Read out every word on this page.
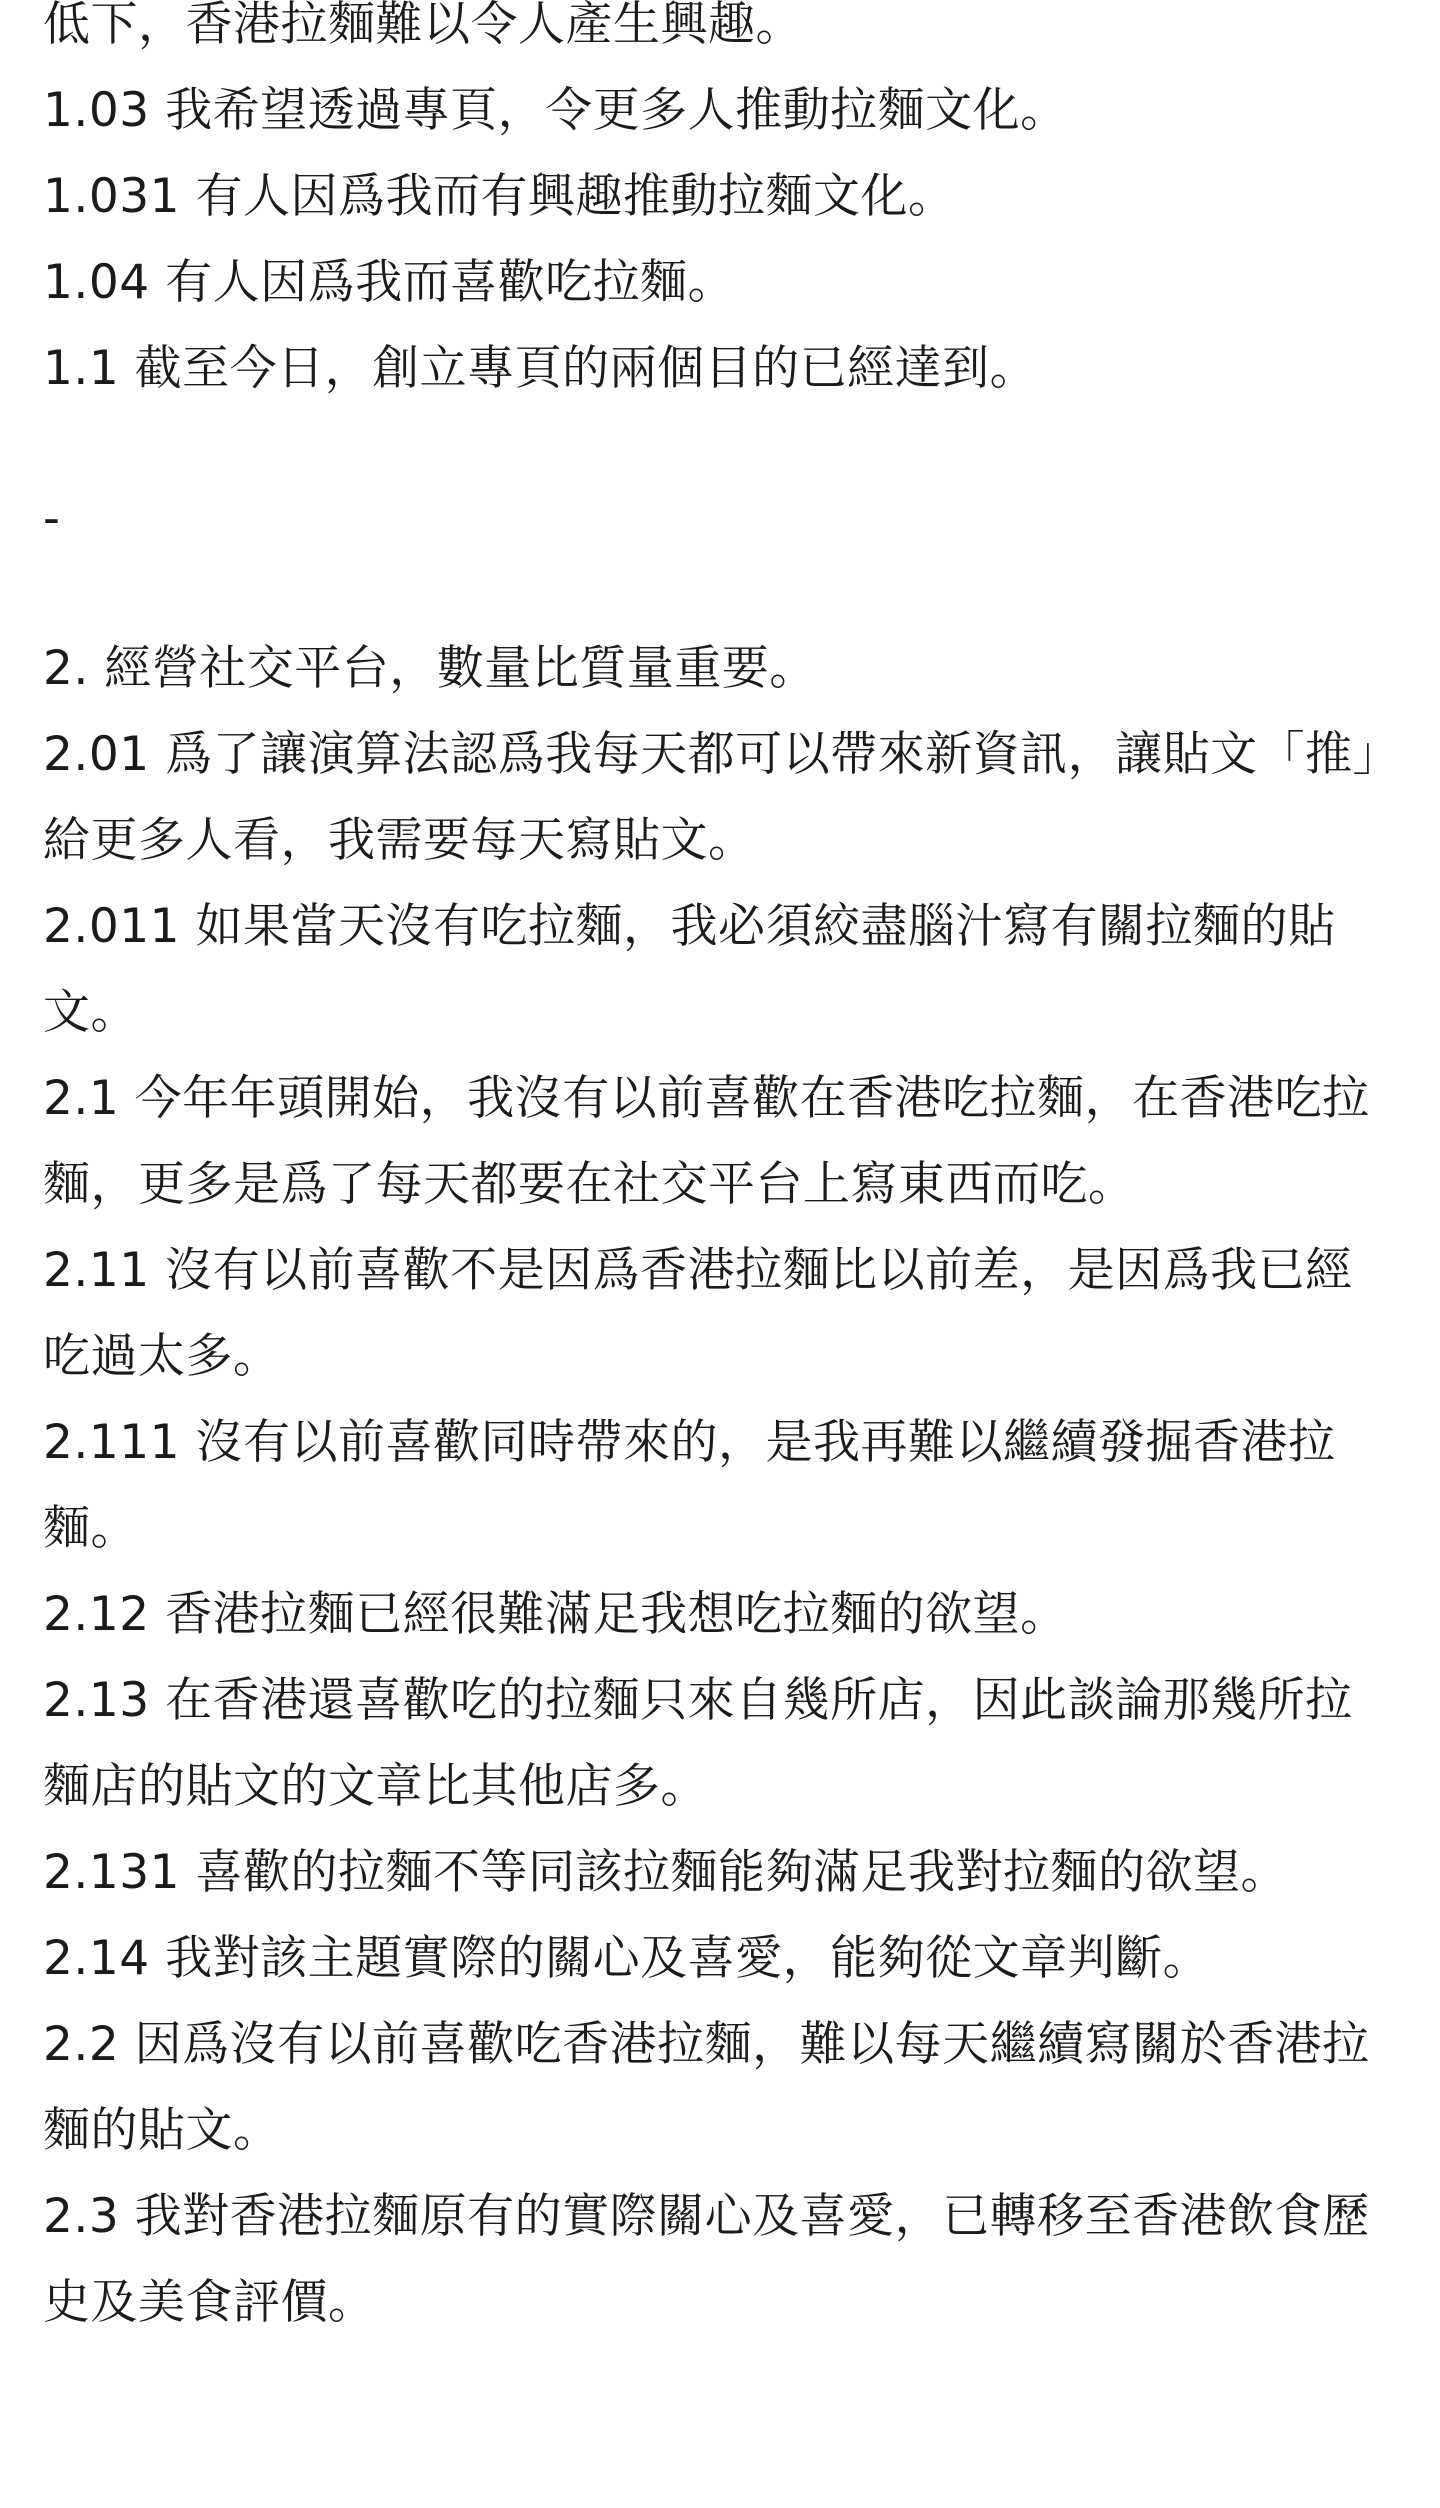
低下，香港拉麵難以令人產生興趣。

1.03 我希望透過專頁，令更多人推動拉麵文化。

1.031 有人因爲我而有興趣推動拉麵文化。

1.04 有人因爲我而喜歡吃拉麵。

1.1 截至今日，創立專頁的兩個目的已經達到。

-

2. 經營社交平台，數量比質量重要。

2.01 爲了讓演算法認爲我每天都可以帶來新資訊，讓貼文「推」給更多人看，我需要每天寫貼文。

2.011 如果當天沒有吃拉麵，我必須絞盡腦汁寫有關拉麵的貼文。

2.1 今年年頭開始，我沒有以前喜歡在香港吃拉麵，在香港吃拉麵，更多是爲了每天都要在社交平台上寫東西而吃。

2.11 沒有以前喜歡不是因爲香港拉麵比以前差，是因爲我已經吃過太多。

2.111 沒有以前喜歡同時帶來的，是我再難以繼續發掘香港拉麵。

2.12 香港拉麵已經很難滿足我想吃拉麵的欲望。

2.13 在香港還喜歡吃的拉麵只來自幾所店，因此談論那幾所拉麵店的貼文的文章比其他店多。

2.131 喜歡的拉麵不等同該拉麵能夠滿足我對拉麵的欲望。

2.14 我對該主題實際的關心及喜愛，能夠從文章判斷。

2.2 因爲沒有以前喜歡吃香港拉麵，難以每天繼續寫關於香港拉麵的貼文。

2.3 我對香港拉麵原有的實際關心及喜愛，已轉移至香港飲食歷史及美食評價。
